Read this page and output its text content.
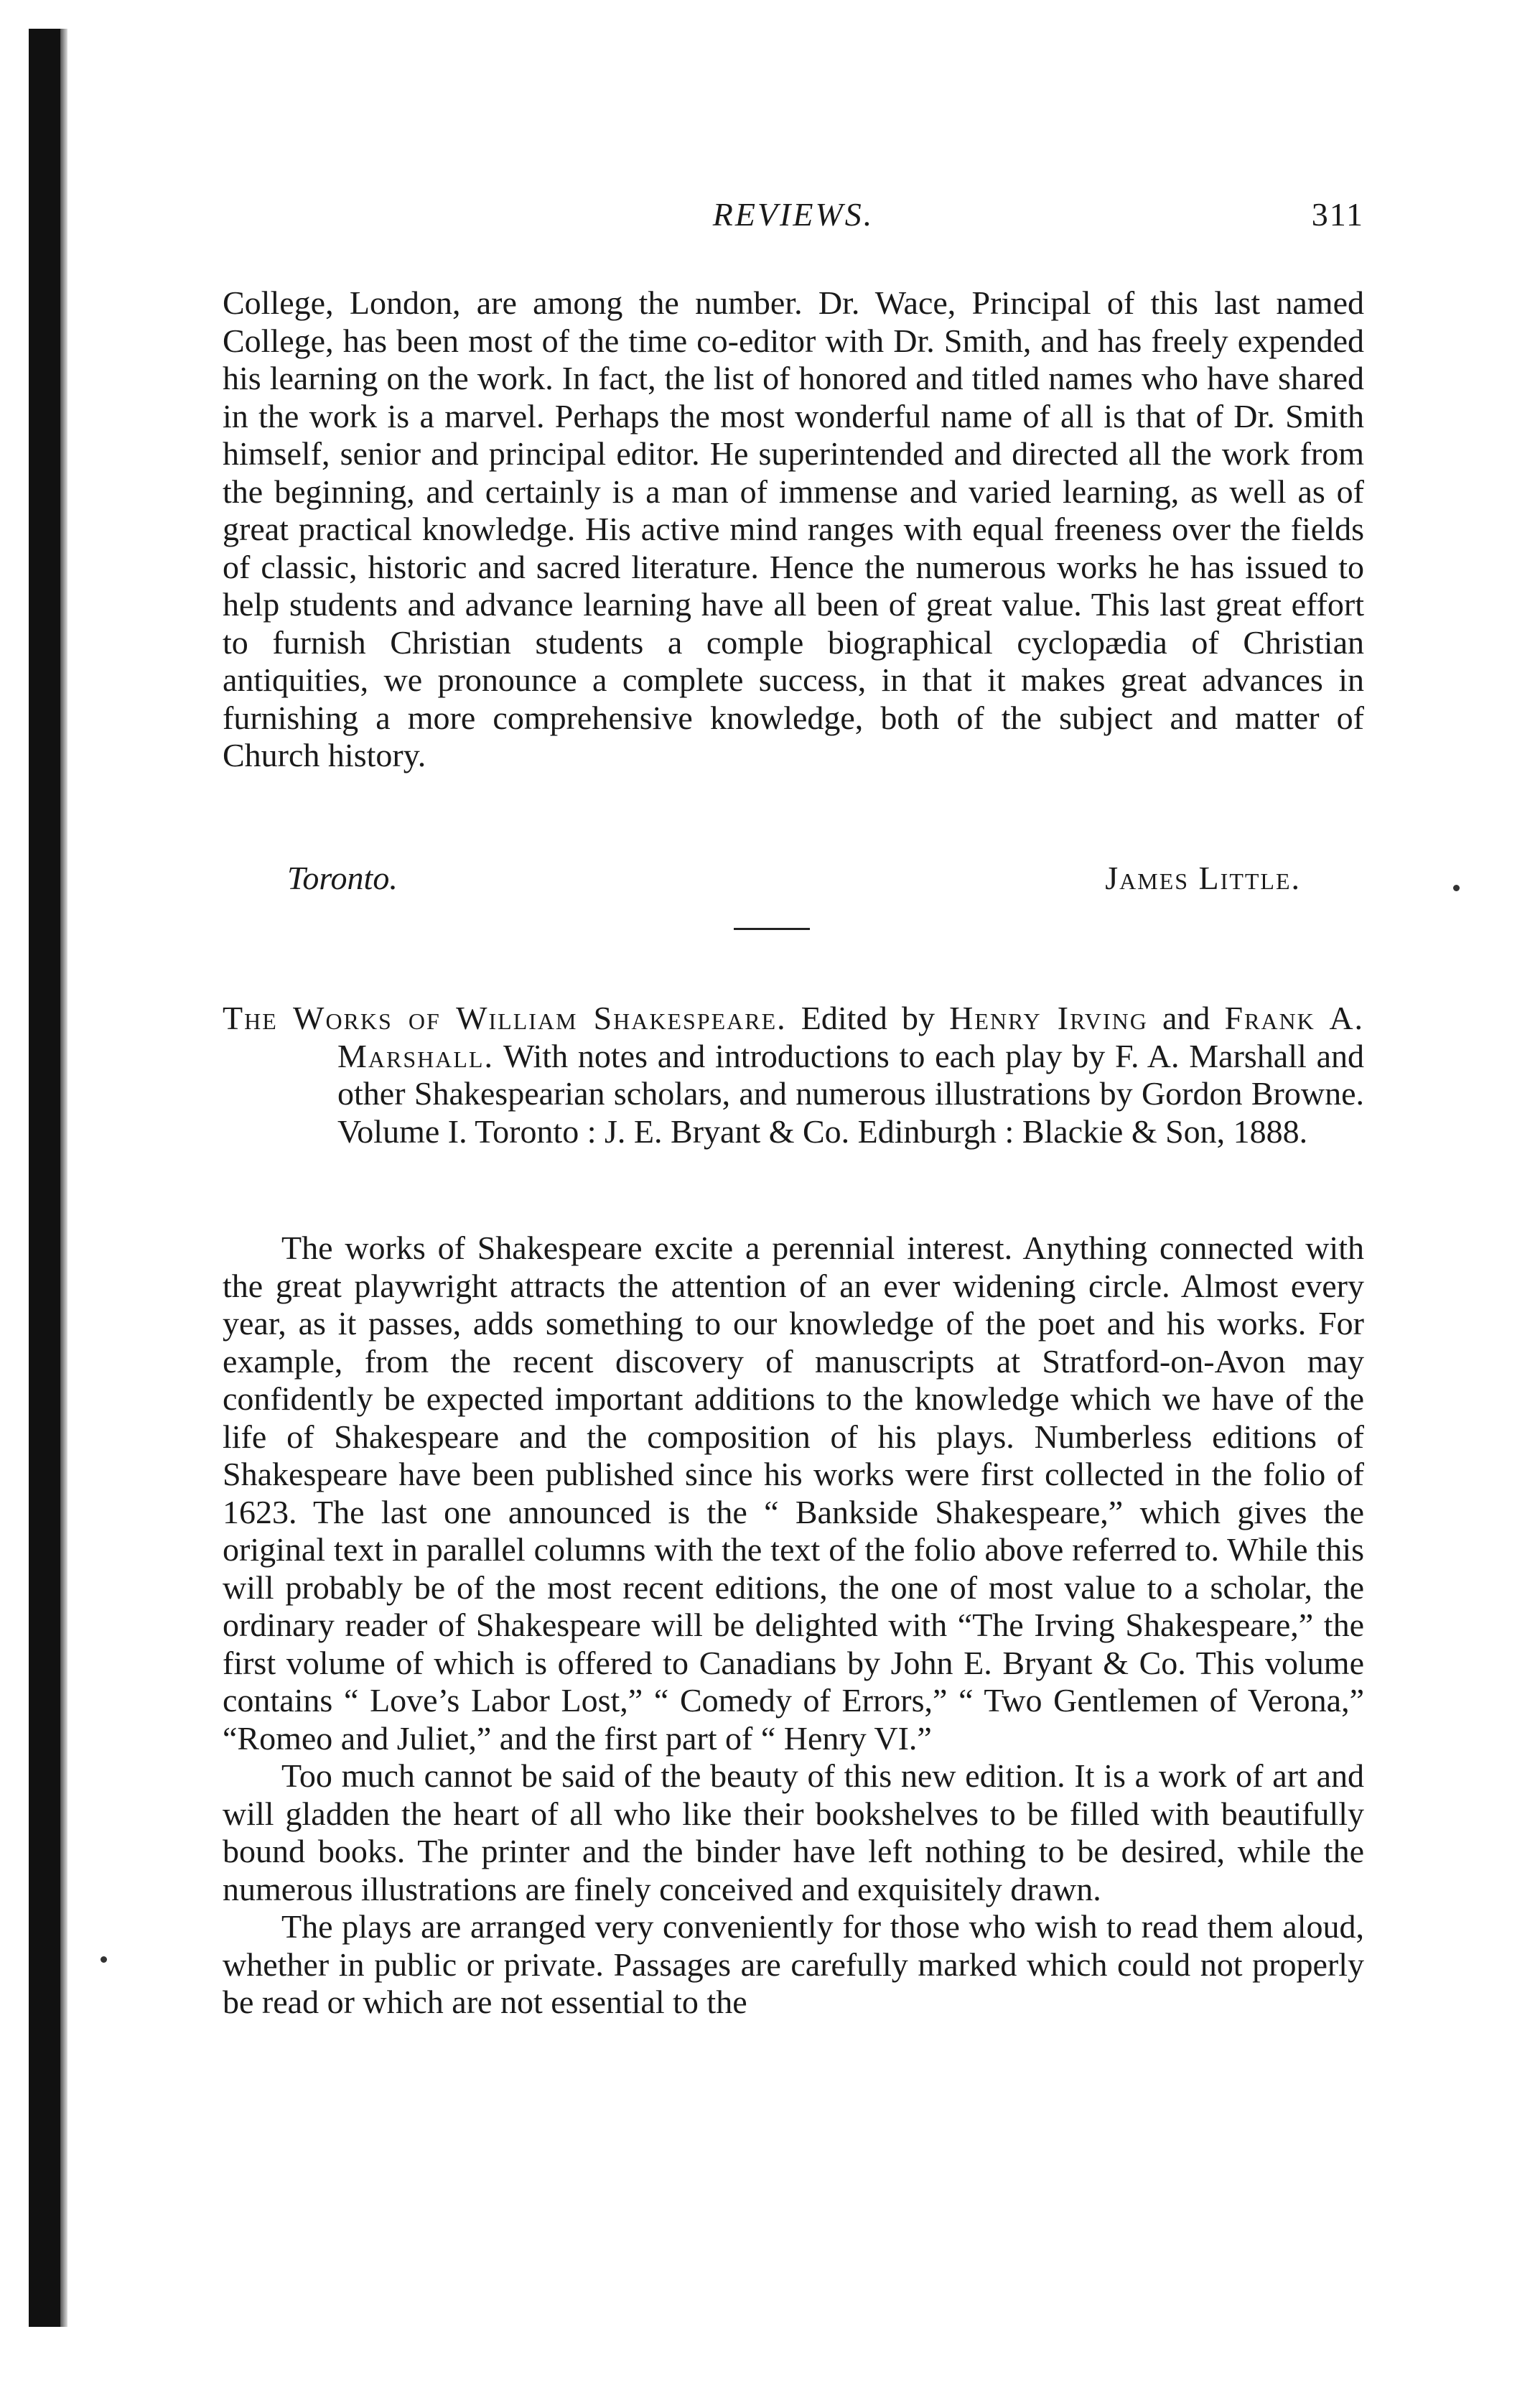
REVIEWS.	311

College, London, are among the number. Dr. Wace, Principal of this last named College, has been most of the time co-editor with Dr. Smith, and has freely expended his learning on the work. In fact, the list of honored and titled names who have shared in the work is a marvel. Perhaps the most wonderful name of all is that of Dr. Smith himself, senior and principal editor. He superintended and directed all the work from the beginning, and certainly is a man of immense and varied learning, as well as of great practical knowledge. His active mind ranges with equal freeness over the fields of classic, historic and sacred literature. Hence the numerous works he has issued to help students and advance learning have all been of great value. This last great effort to furnish Christian students a comple biographical cyclopædia of Christian antiquities, we pronounce a complete success, in that it makes great advances in furnishing a more comprehensive knowledge, both of the subject and matter of Church history.

Toronto.	James Little.
The Works of William Shakespeare. Edited by Henry Irving and Frank A. Marshall. With notes and introductions to each play by F. A. Marshall and other Shakespearian scholars, and numerous illustrations by Gordon Browne. Volume I. Toronto : J. E. Bryant & Co. Edinburgh : Blackie & Son, 1888.

The works of Shakespeare excite a perennial interest. Anything connected with the great playwright attracts the attention of an ever widening circle. Almost every year, as it passes, adds something to our knowledge of the poet and his works. For example, from the recent discovery of manuscripts at Stratford-on-Avon may confidently be expected important additions to the knowledge which we have of the life of Shakespeare and the composition of his plays. Numberless editions of Shakespeare have been published since his works were first collected in the folio of 1623. The last one announced is the “ Bankside Shakespeare,” which gives the original text in parallel columns with the text of the folio above referred to. While this will probably be of the most recent editions, the one of most value to a scholar, the ordinary reader of Shakespeare will be delighted with “The Irving Shakespeare,” the first volume of which is offered to Canadians by John E. Bryant & Co. This volume contains “ Love’s Labor Lost,” “ Comedy of Errors,” “ Two Gentlemen of Verona,” “Romeo and Juliet,” and the first part of “ Henry VI.”

Too much cannot be said of the beauty of this new edition. It is a work of art and will gladden the heart of all who like their bookshelves to be filled with beautifully bound books. The printer and the binder have left nothing to be desired, while the numerous illustrations are finely conceived and exquisitely drawn.

The plays are arranged very conveniently for those who wish to read them aloud, whether in public or private. Passages are carefully marked which could not properly be read or which are not essential to the
